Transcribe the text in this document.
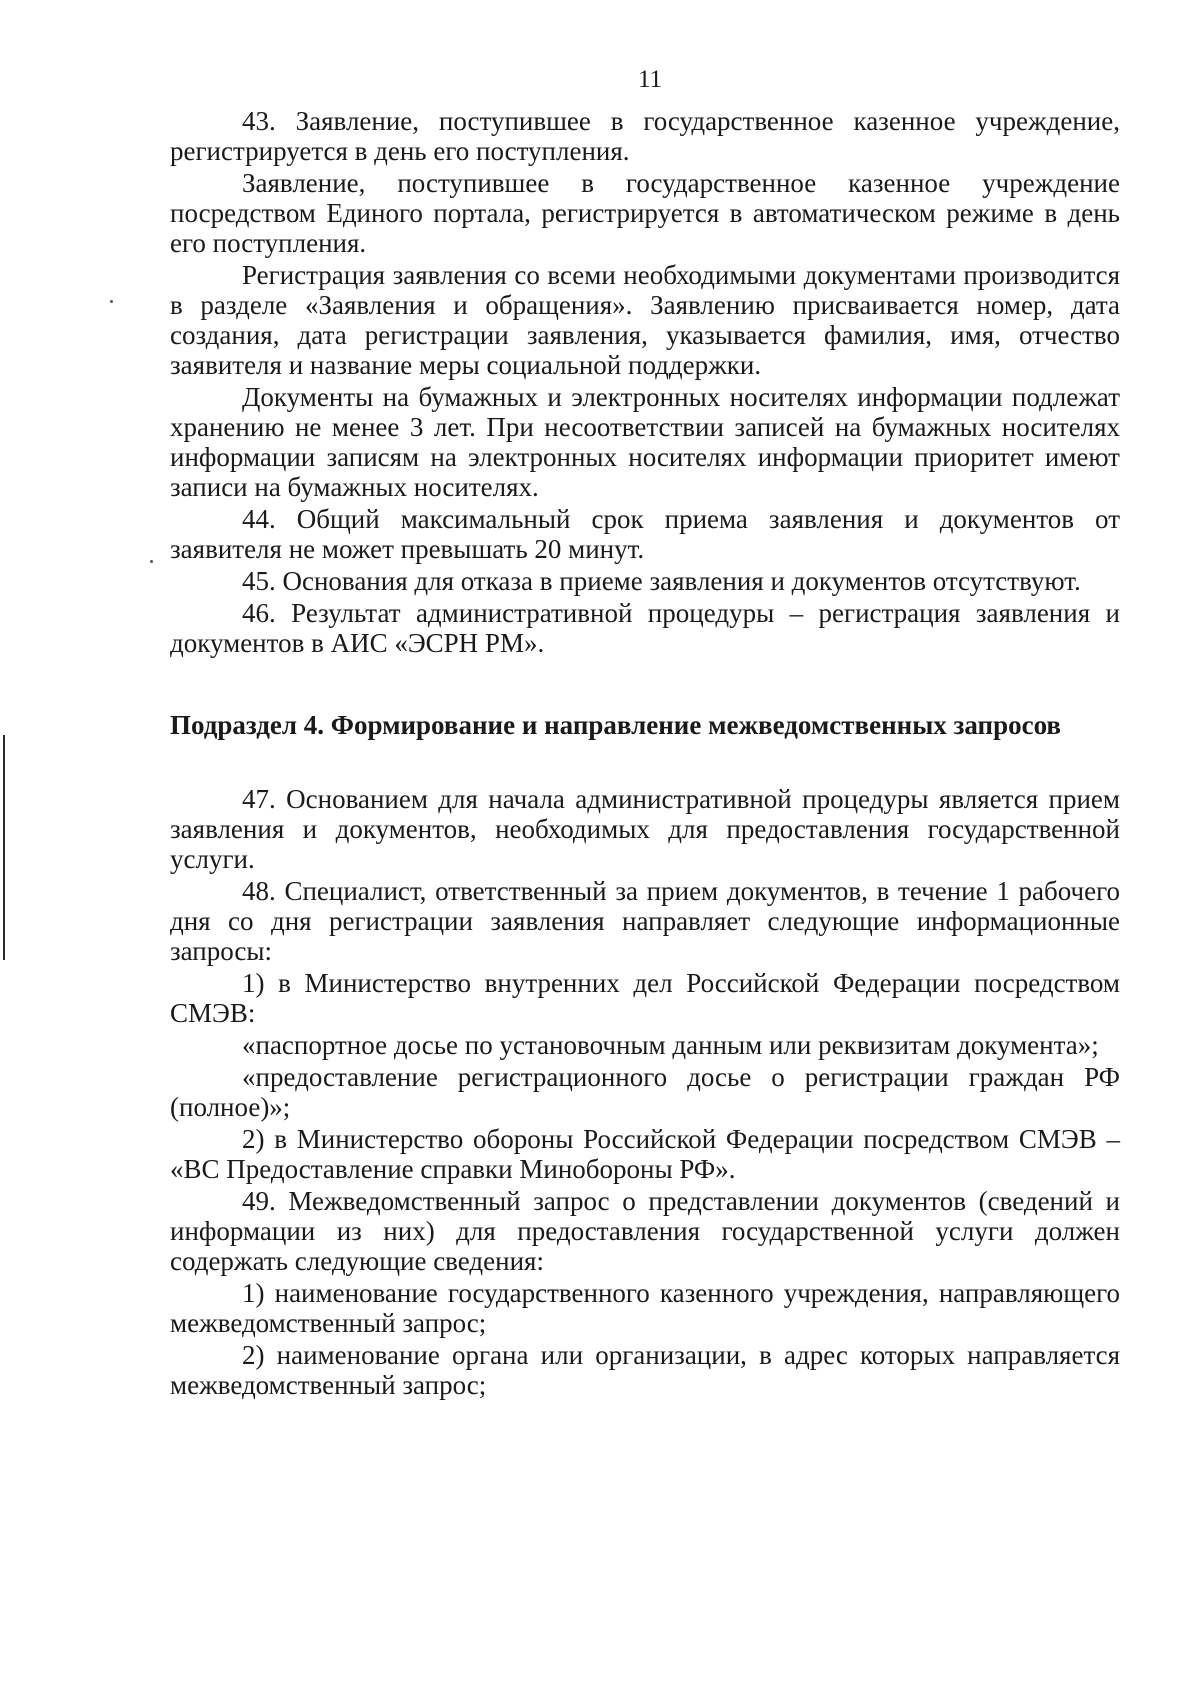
11

43. Заявление, поступившее в государственное казенное учреждение, регистрируется в день его поступления.

Заявление, поступившее в государственное казенное учреждение посредством Единого портала, регистрируется в автоматическом режиме в день его поступления.

Регистрация заявления со всеми необходимыми документами производится в разделе «Заявления и обращения». Заявлению присваивается номер, дата создания, дата регистрации заявления, указывается фамилия, имя, отчество заявителя и название меры социальной поддержки.

Документы на бумажных и электронных носителях информации подлежат хранению не менее 3 лет. При несоответствии записей на бумажных носителях информации записям на электронных носителях информации приоритет имеют записи на бумажных носителях.

44. Общий максимальный срок приема заявления и документов от заявителя не может превышать 20 минут.

45. Основания для отказа в приеме заявления и документов отсутствуют.

46. Результат административной процедуры – регистрация заявления и документов в АИС «ЭСРН РМ».

Подраздел 4. Формирование и направление межведомственных запросов

47. Основанием для начала административной процедуры является прием заявления и документов, необходимых для предоставления государственной услуги.

48. Специалист, ответственный за прием документов, в течение 1 рабочего дня со дня регистрации заявления направляет следующие информационные запросы:

1) в Министерство внутренних дел Российской Федерации посредством СМЭВ:

«паспортное досье по установочным данным или реквизитам документа»;

«предоставление регистрационного досье о регистрации граждан РФ (полное)»;

2) в Министерство обороны Российской Федерации посредством СМЭВ – «ВС Предоставление справки Минобороны РФ».

49. Межведомственный запрос о представлении документов (сведений и информации из них) для предоставления государственной услуги должен содержать следующие сведения:

1) наименование государственного казенного учреждения, направляющего межведомственный запрос;

2) наименование органа или организации, в адрес которых направляется межведомственный запрос;
